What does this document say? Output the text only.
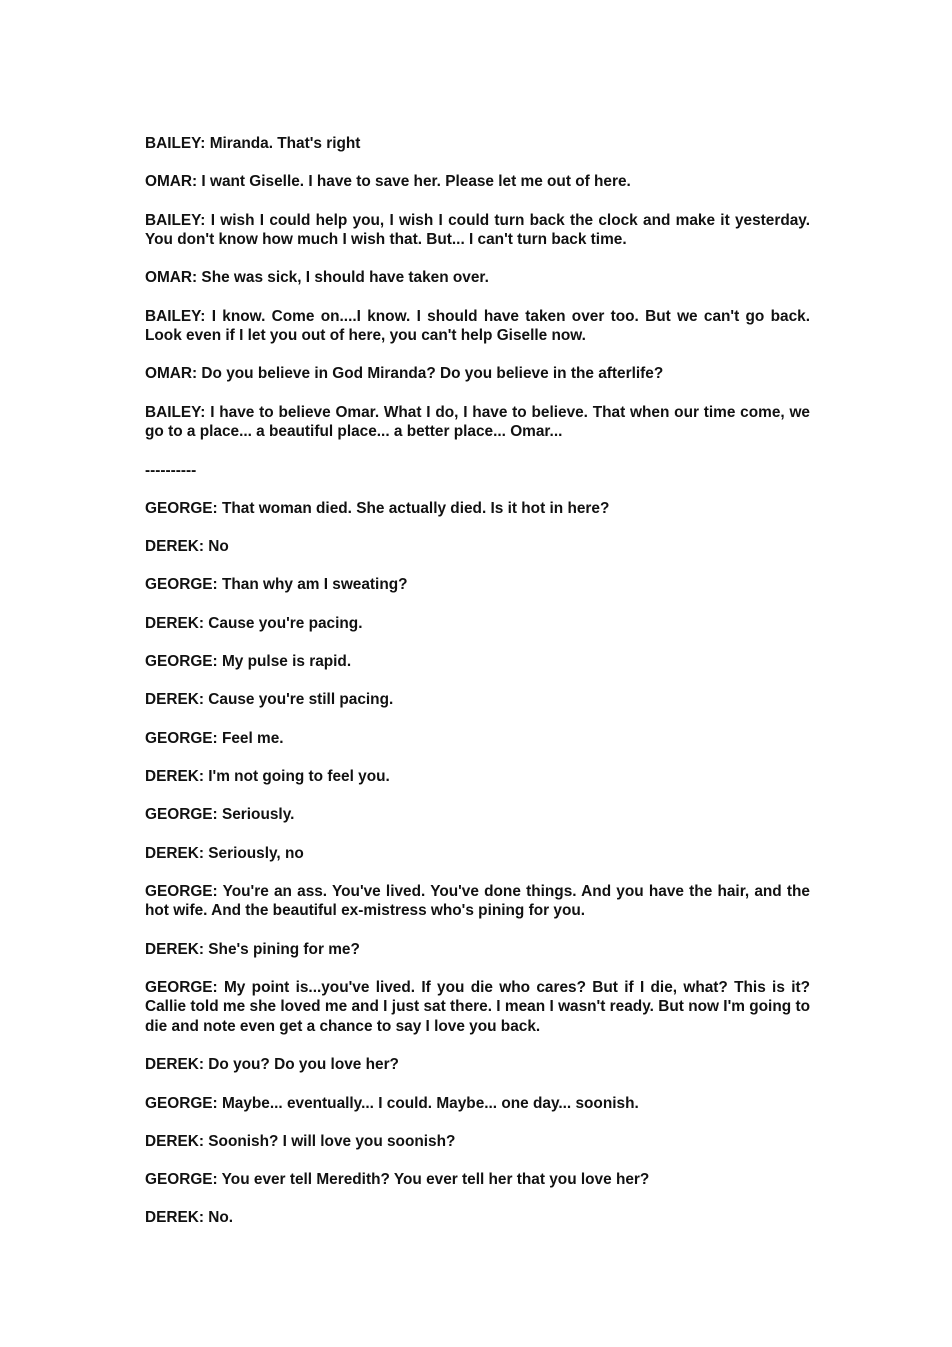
BAILEY: Miranda. That's right

OMAR: I want Giselle. I have to save her. Please let me out of here.

BAILEY: I wish I could help you, I wish I could turn back the clock and make it yesterday. You don't know how much I wish that. But... I can't turn back time.

OMAR: She was sick, I should have taken over.

BAILEY: I know. Come on....I know. I should have taken over too. But we can't go back. Look even if I let you out of here, you can't help Giselle now.

OMAR: Do you believe in God Miranda? Do you believe in the afterlife?

BAILEY: I have to believe Omar. What I do, I have to believe. That when our time come, we go to a place... a beautiful place... a better place... Omar...

----------

GEORGE: That woman died. She actually died. Is it hot in here?

DEREK: No

GEORGE: Than why am I sweating?

DEREK: Cause you're pacing.

GEORGE: My pulse is rapid.

DEREK: Cause you're still pacing.

GEORGE: Feel me.

DEREK: I'm not going to feel you.

GEORGE: Seriously.

DEREK: Seriously, no

GEORGE: You're an ass. You've lived. You've done things. And you have the hair, and the hot wife. And the beautiful ex-mistress who's pining for you.

DEREK: She's pining for me?

GEORGE: My point is...you've lived. If you die who cares? But if I die, what? This is it? Callie told me she loved me and I just sat there. I mean I wasn't ready. But now I'm going to die and note even get a chance to say I love you back.

DEREK: Do you? Do you love her?

GEORGE: Maybe... eventually... I could. Maybe... one day... soonish.

DEREK: Soonish? I will love you soonish?

GEORGE: You ever tell Meredith? You ever tell her that you love her?

DEREK: No.
